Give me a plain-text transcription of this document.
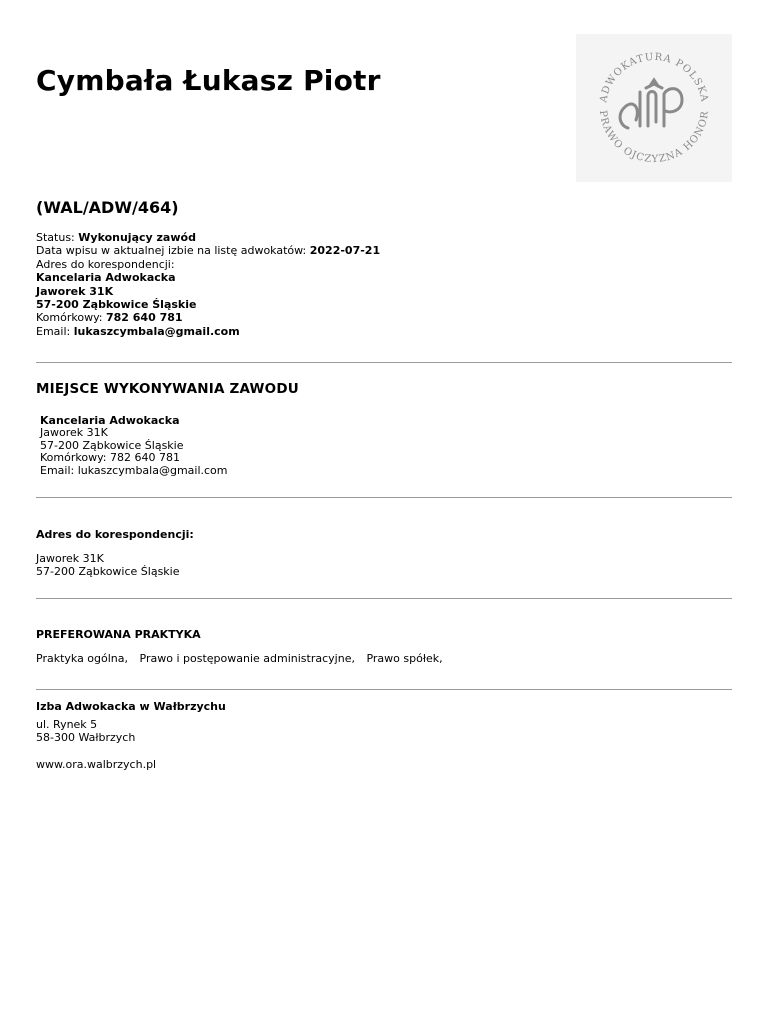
Cymbała Łukasz Piotr
ADWOKATURA POLSKA
PRAWO OJCZYZNA HONOR
(WAL/ADW/464)
Status: Wykonujący zawód
Data wpisu w aktualnej izbie na listę adwokatów: 2022-07-21
Adres do korespondencji:
Kancelaria Adwokacka
Jaworek 31K
57-200 Ząbkowice Śląskie
Komórkowy: 782 640 781
Email: lukaszcymbala@gmail.com
MIEJSCE WYKONYWANIA ZAWODU
Kancelaria Adwokacka
Jaworek 31K
57-200 Ząbkowice Śląskie
Komórkowy: 782 640 781
Email: lukaszcymbala@gmail.com
Adres do korespondencji:
Jaworek 31K
57-200 Ząbkowice Śląskie
PREFEROWANA PRAKTYKA
Praktyka ogólna, Prawo i postępowanie administracyjne, Prawo spółek,
Izba Adwokacka w Wałbrzychu
ul. Rynek 5
58-300 Wałbrzych
www.ora.walbrzych.pl
